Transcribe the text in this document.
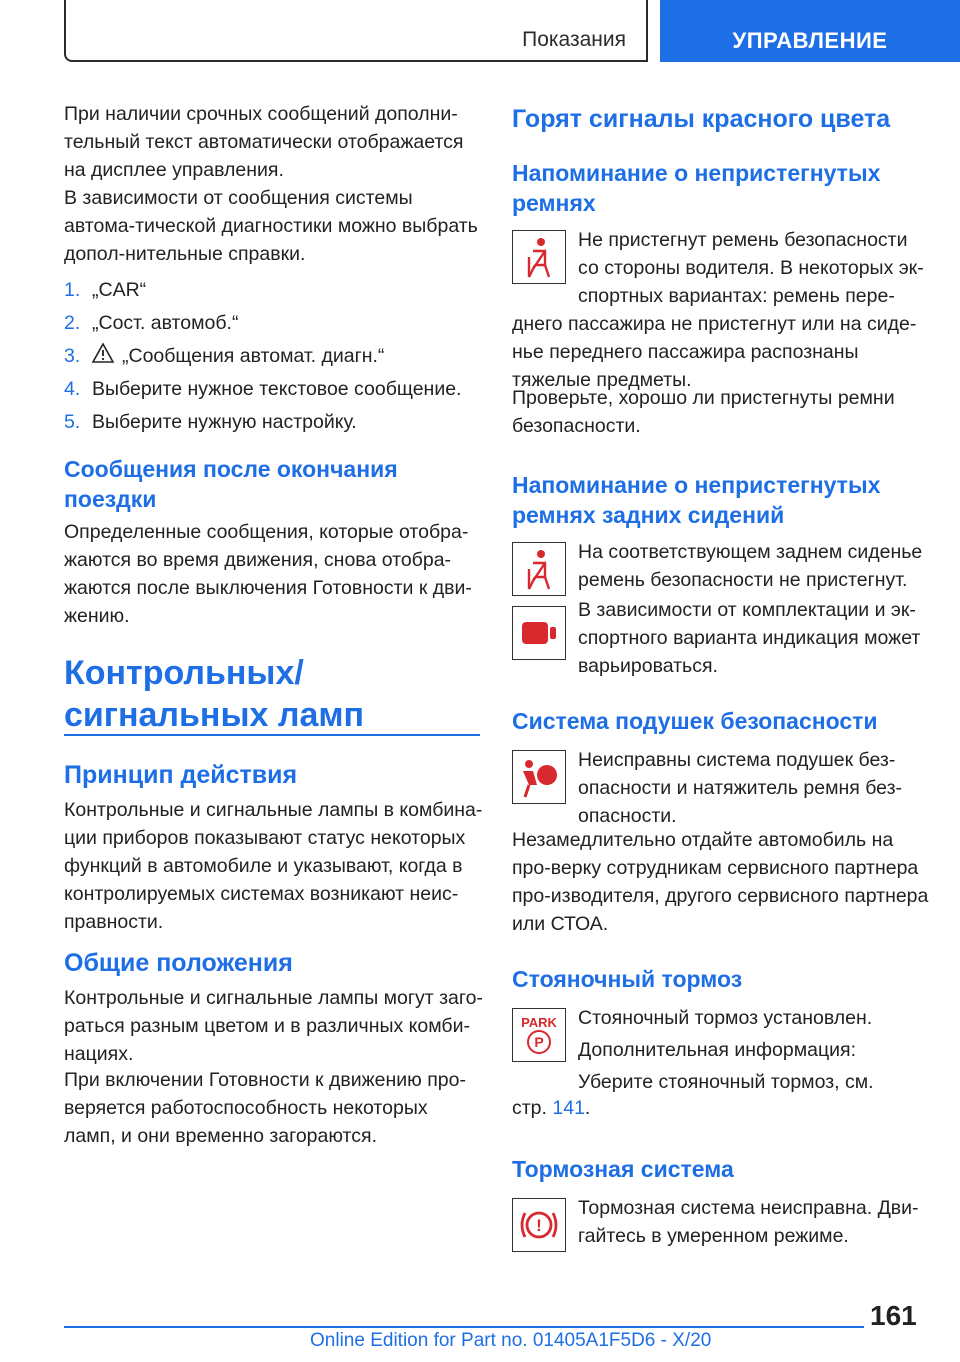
Показания	УПРАВЛЕНИЕ
При наличии срочных сообщений дополни-тельный текст автоматически отображается на дисплее управления.
В зависимости от сообщения системы автома-тической диагностики можно выбрать допол-нительные справки.
1. „CAR“
2. „Сост. автомоб.“
3. „Сообщения автомат. диагн.“
4. Выберите нужное текстовое сообщение.
5. Выберите нужную настройку.
Сообщения после окончания поездки
Определенные сообщения, которые отобра-жаются во время движения, снова отобра-жаются после выключения Готовности к дви-жению.
Контрольных/сигнальных ламп
Принцип действия
Контрольные и сигнальные лампы в комбина-ции приборов показывают статус некоторых функций в автомобиле и указывают, когда в контролируемых системах возникают неис-правности.
Общие положения
Контрольные и сигнальные лампы могут заго-раться разным цветом и в различных комби-нациях.
При включении Готовности к движению про-веряется работоспособность некоторых ламп, и они временно загораются.
Горят сигналы красного цвета
Напоминание о непристегнутых ремнях
Не пристегнут ремень безопасности со стороны водителя. В некоторых эк-
спортных вариантах: ремень пере-днего пассажира не пристегнут или на сиде-нье переднего пассажира распознаны тяжелые предметы.
Проверьте, хорошо ли пристегнуты ремни безопасности.
Напоминание о непристегнутых ремнях задних сидений
На соответствующем заднем сиденье ремень безопасности не пристегнут.
В зависимости от комплектации и эк-спортного варианта индикация может варьироваться.
Система подушек безопасности
Неисправны система подушек без-опасности и натяжитель ремня без-опасности.
Незамедлительно отдайте автомобиль на про-верку сотрудникам сервисного партнера про-изводителя, другого сервисного партнера или СТОА.
Стояночный тормоз
PARK
P
Стояночный тормоз установлен.
Дополнительная информация:
Уберите стояночный тормоз, см.
стр. 141.
Тормозная система
!
Тормозная система неисправна. Дви-гайтесь в умеренном режиме.
161
Online Edition for Part no. 01405A1F5D6 - X/20
